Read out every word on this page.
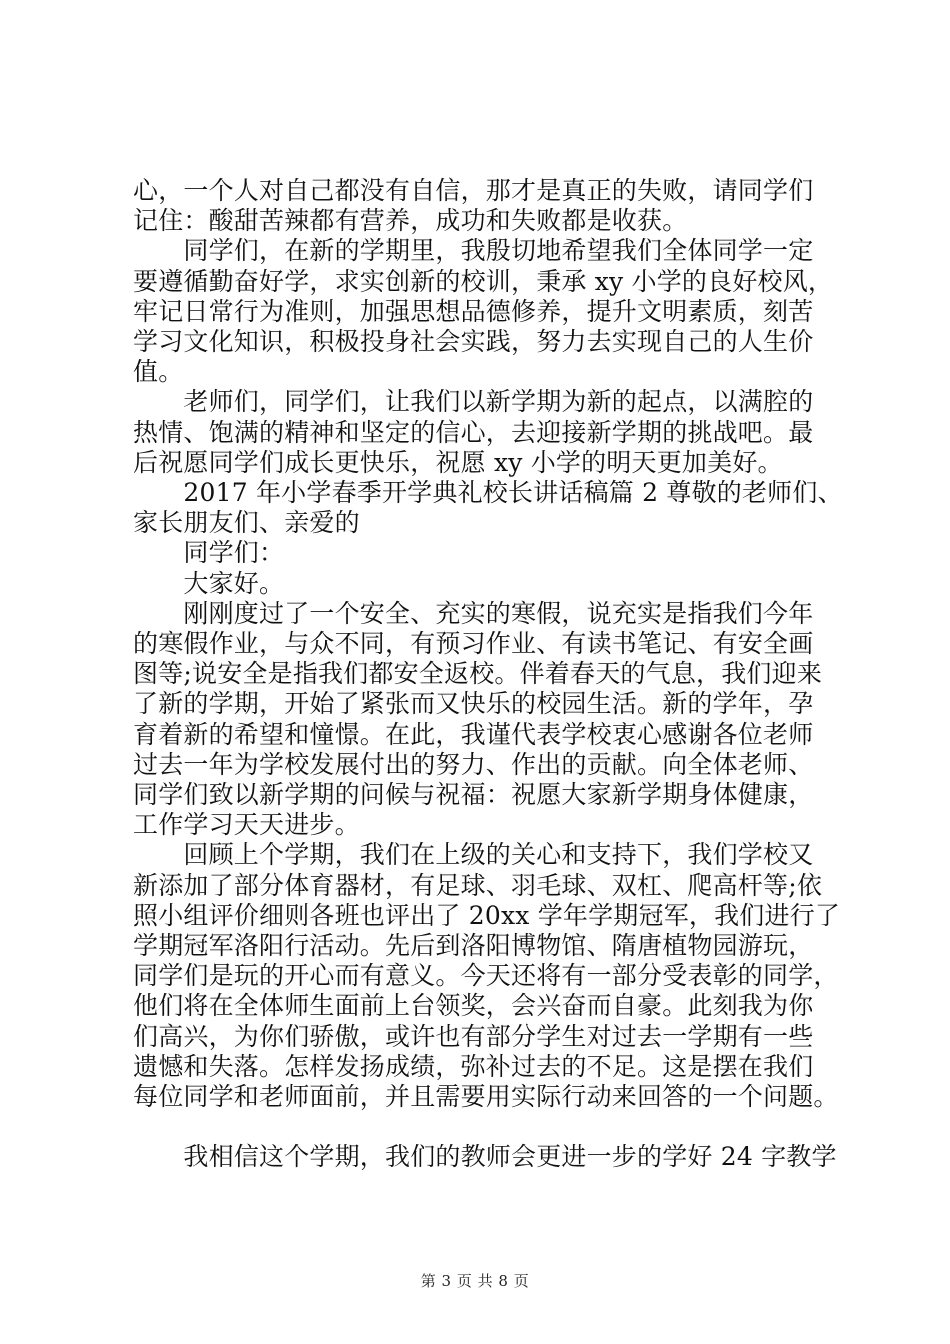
心，一个人对自己都没有自信，那才是真正的失败，请同学们
记住：酸甜苦辣都有营养，成功和失败都是收获。
　　同学们，在新的学期里，我殷切地希望我们全体同学一定
要遵循勤奋好学，求实创新的校训，秉承 xy 小学的良好校风，
牢记日常行为准则，加强思想品德修养，提升文明素质，刻苦
学习文化知识，积极投身社会实践，努力去实现自己的人生价
值。
　　老师们，同学们，让我们以新学期为新的起点，以满腔的
热情、饱满的精神和坚定的信心，去迎接新学期的挑战吧。最
后祝愿同学们成长更快乐，祝愿 xy 小学的明天更加美好。
　　2017 年小学春季开学典礼校长讲话稿篇 2 尊敬的老师们、
家长朋友们、亲爱的
　　同学们：
　　大家好。
　　刚刚度过了一个安全、充实的寒假，说充实是指我们今年
的寒假作业，与众不同，有预习作业、有读书笔记、有安全画
图等;说安全是指我们都安全返校。伴着春天的气息，我们迎来
了新的学期，开始了紧张而又快乐的校园生活。新的学年，孕
育着新的希望和憧憬。在此，我谨代表学校衷心感谢各位老师
过去一年为学校发展付出的努力、作出的贡献。向全体老师、
同学们致以新学期的问候与祝福：祝愿大家新学期身体健康，
工作学习天天进步。
　　回顾上个学期，我们在上级的关心和支持下，我们学校又
新添加了部分体育器材，有足球、羽毛球、双杠、爬高杆等;依
照小组评价细则各班也评出了 20xx 学年学期冠军，我们进行了
学期冠军洛阳行活动。先后到洛阳博物馆、隋唐植物园游玩，
同学们是玩的开心而有意义。今天还将有一部分受表彰的同学，
他们将在全体师生面前上台领奖，会兴奋而自豪。此刻我为你
们高兴，为你们骄傲，或许也有部分学生对过去一学期有一些
遗憾和失落。怎样发扬成绩，弥补过去的不足。这是摆在我们
每位同学和老师面前，并且需要用实际行动来回答的一个问题。
　　我相信这个学期，我们的教师会更进一步的学好 24 字教学
第 3 页 共 8 页
